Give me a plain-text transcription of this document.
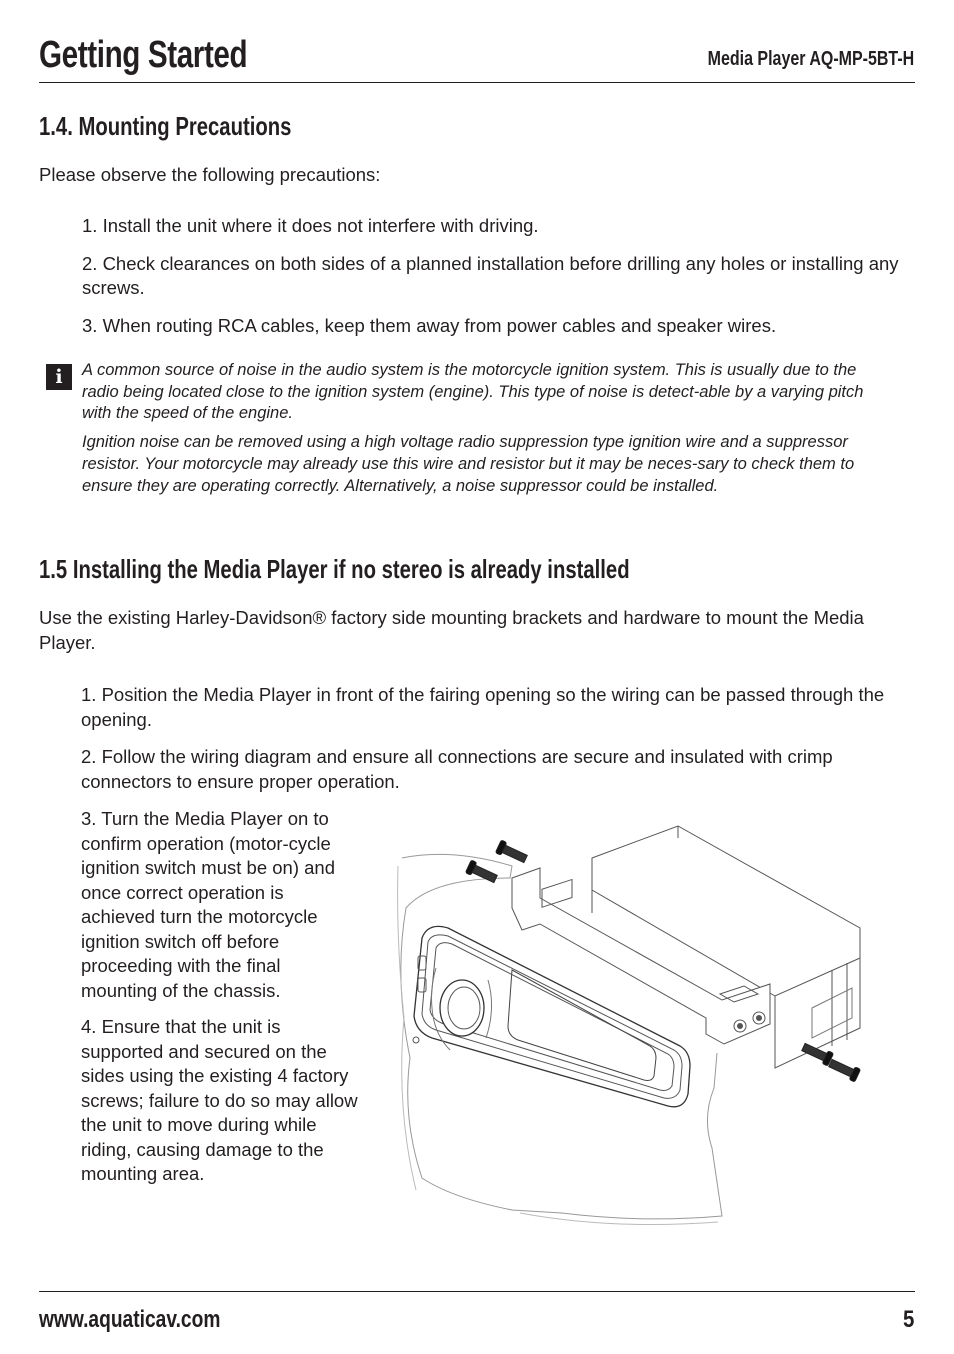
Getting Started	Media Player AQ-MP-5BT-H
1.4. Mounting Precautions

Please observe the following precautions:

1. Install the unit where it does not interfere with driving.

2. Check clearances on both sides of a planned installation before drilling any holes or installing any screws.

3. When routing RCA cables, keep them away from power cables and speaker wires.

i	A common source of noise in the audio system is the motorcycle ignition system. This is usually due to the radio being located close to the ignition system (engine). This type of noise is detect-able by a varying pitch with the speed of the engine.

Ignition noise can be removed using a high voltage radio suppression type ignition wire and a suppressor resistor. Your motorcycle may already use this wire and resistor but it may be neces-sary to check them to ensure they are operating correctly. Alternatively, a noise suppressor could be installed.

1.5 Installing the Media Player if no stereo is already installed

Use the existing Harley-Davidson® factory side mounting brackets and hardware to mount the Media Player.

1. Position the Media Player in front of the fairing opening so the wiring can be passed through the opening.

2. Follow the wiring diagram and ensure all connections are secure and insulated with crimp connectors to ensure proper operation.

3. Turn the Media Player on to confirm operation (motor-cycle ignition switch must be on) and once correct operation is achieved turn the motorcycle ignition switch off before proceeding with the final mounting of the chassis.

4. Ensure that the unit is supported and secured on the sides using the existing 4 factory screws; failure to do so may allow the unit to move during while riding, causing damage to the mounting area.

www.aquaticav.com	5
